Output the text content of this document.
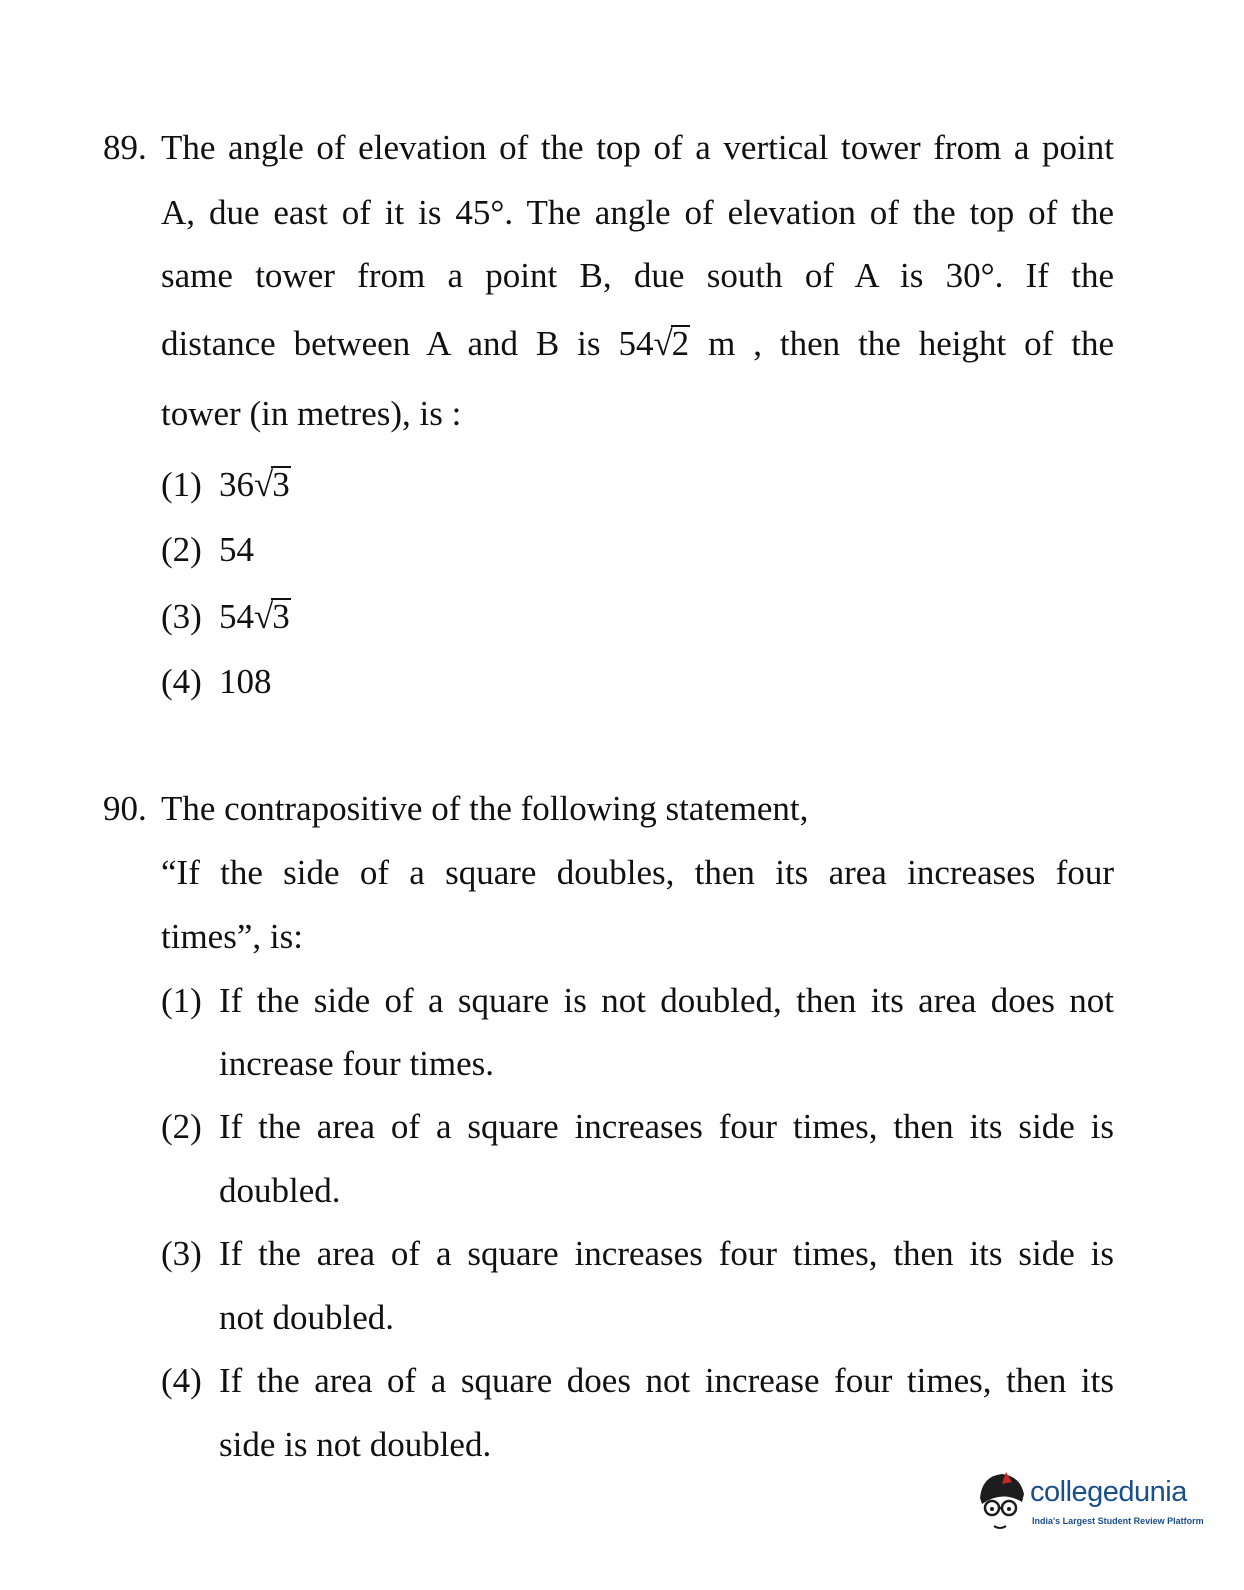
89. The angle of elevation of the top of a vertical tower from a point
A, due east of it is 45°. The angle of elevation of the top of the
same tower from a point B, due south of A is 30°. If the
distance between A and B is 54√2 m , then the height of the
tower (in metres), is :
(1) 36√3
(2) 54
(3) 54√3
(4) 108
90. The contrapositive of the following statement,
“If the side of a square doubles, then its area increases four
times”, is:
(1) If the side of a square is not doubled, then its area does not
increase four times.
(2) If the area of a square increases four times, then its side is
doubled.
(3) If the area of a square increases four times, then its side is
not doubled.
(4) If the area of a square does not increase four times, then its
side is not doubled.
collegedunia
India's Largest Student Review Platform
